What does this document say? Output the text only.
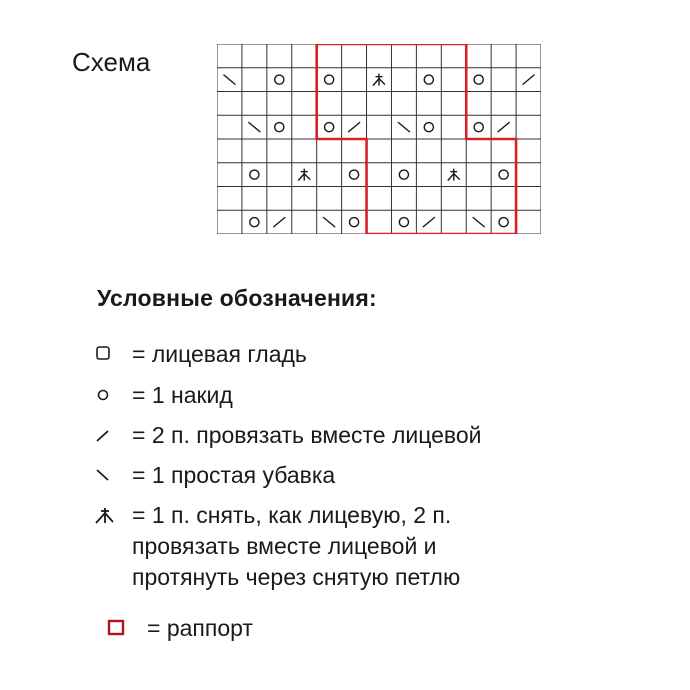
Схема
Условные обозначения:
= лицевая гладь
= 1 накид
= 2 п. провязать вместе лицевой
= 1 простая убавка
= 1 п. снять, как лицевую, 2 п.
провязать вместе лицевой и
протянуть через снятую петлю
= раппорт
